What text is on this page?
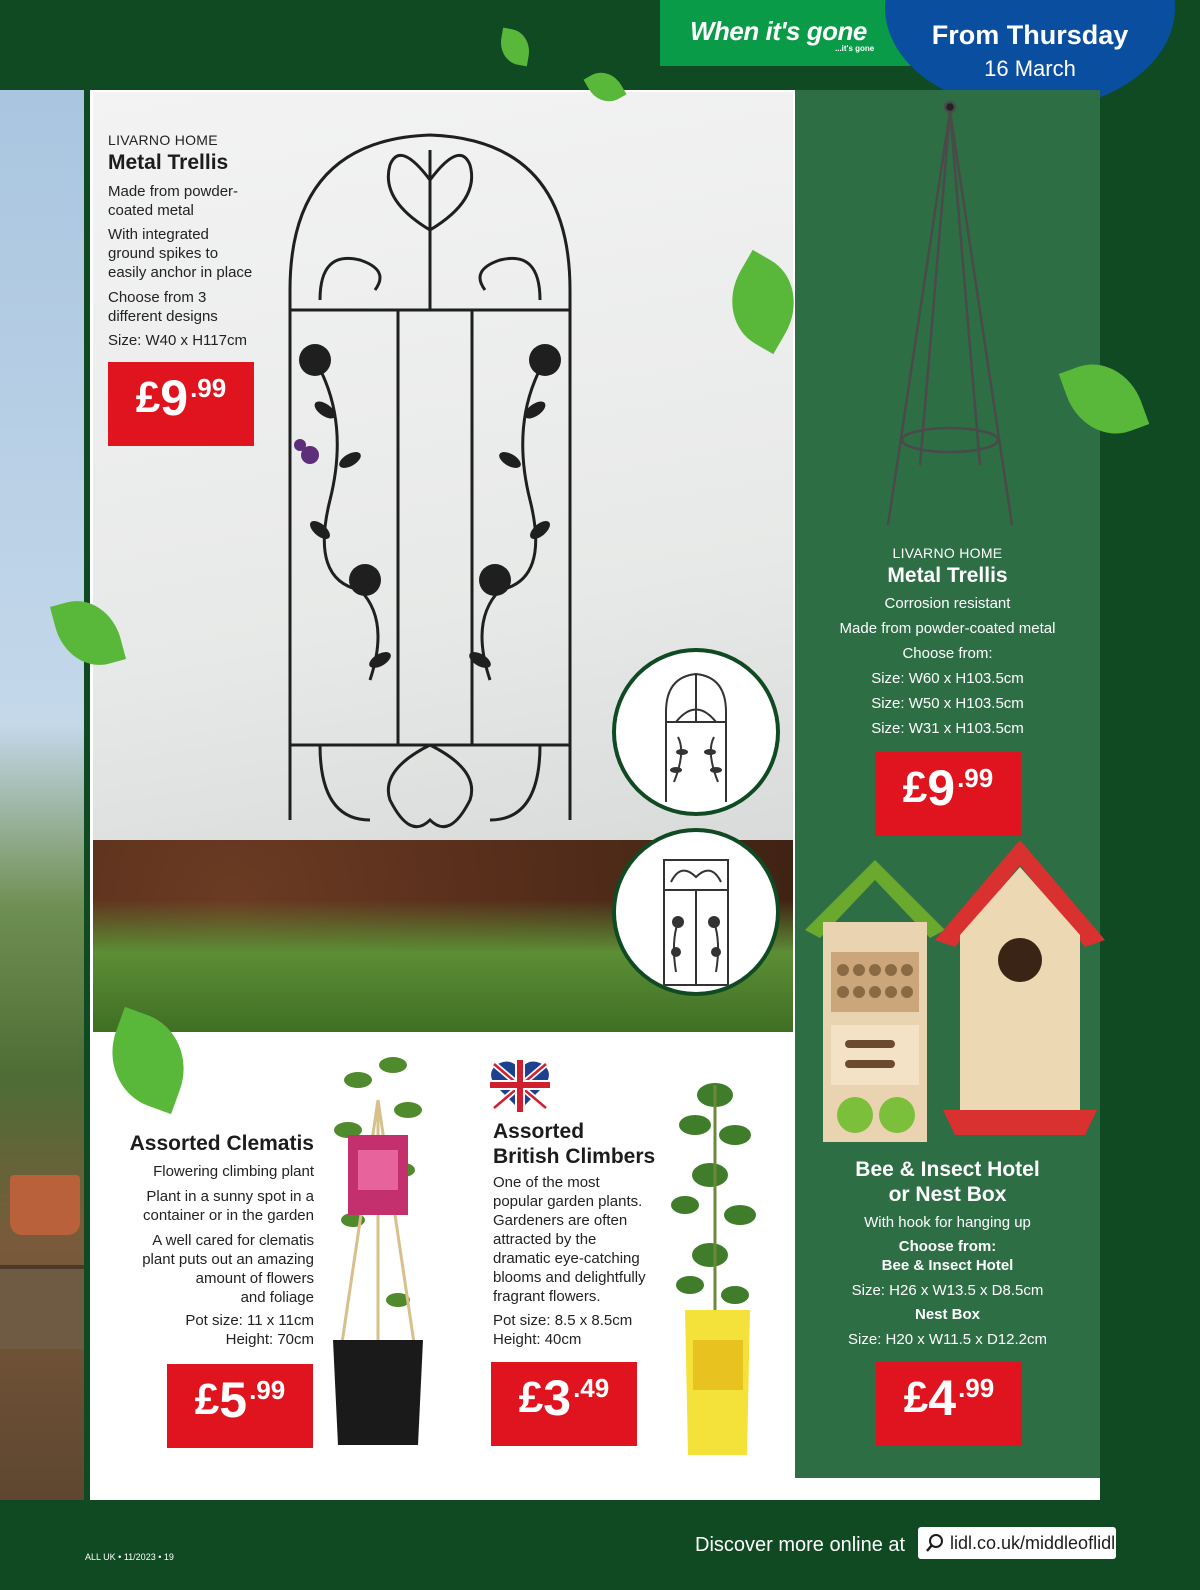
When it's gone
...it's gone	From Thursday
16 March
LIVARNO HOME
Metal Trellis
Made from powder-
coated metal
With integrated
ground spikes to
easily anchor in place
Choose from 3
different designs
Size: W40 x H117cm
£ 9 .99
LIVARNO HOME
Metal Trellis
Corrosion resistant
Made from powder-coated metal
Choose from:
Size: W60 x H103.5cm
Size: W50 x H103.5cm
Size: W31 x H103.5cm
£ 9 .99
Bee & Insect Hotel
or Nest Box
With hook for hanging up
Choose from:
Bee & Insect Hotel
Size: H26 x W13.5 x D8.5cm
Nest Box
Size: H20 x W11.5 x D12.2cm
£ 4 .99
Assorted Clematis
Flowering climbing plant
Plant in a sunny spot in a
container or in the garden
A well cared for clematis
plant puts out an amazing
amount of flowers
and foliage
Pot size: 11 x 11cm
Height: 70cm
£ 5 .99
Assorted
British Climbers
One of the most
popular garden plants.
Gardeners are often
attracted by the
dramatic eye-catching
blooms and delightfully
fragrant flowers.
Pot size: 8.5 x 8.5cm
Height: 40cm
£ 3 .49
ALL UK • 11/2023 • 19
Discover more online at lidl.co.uk/middleoflidl
